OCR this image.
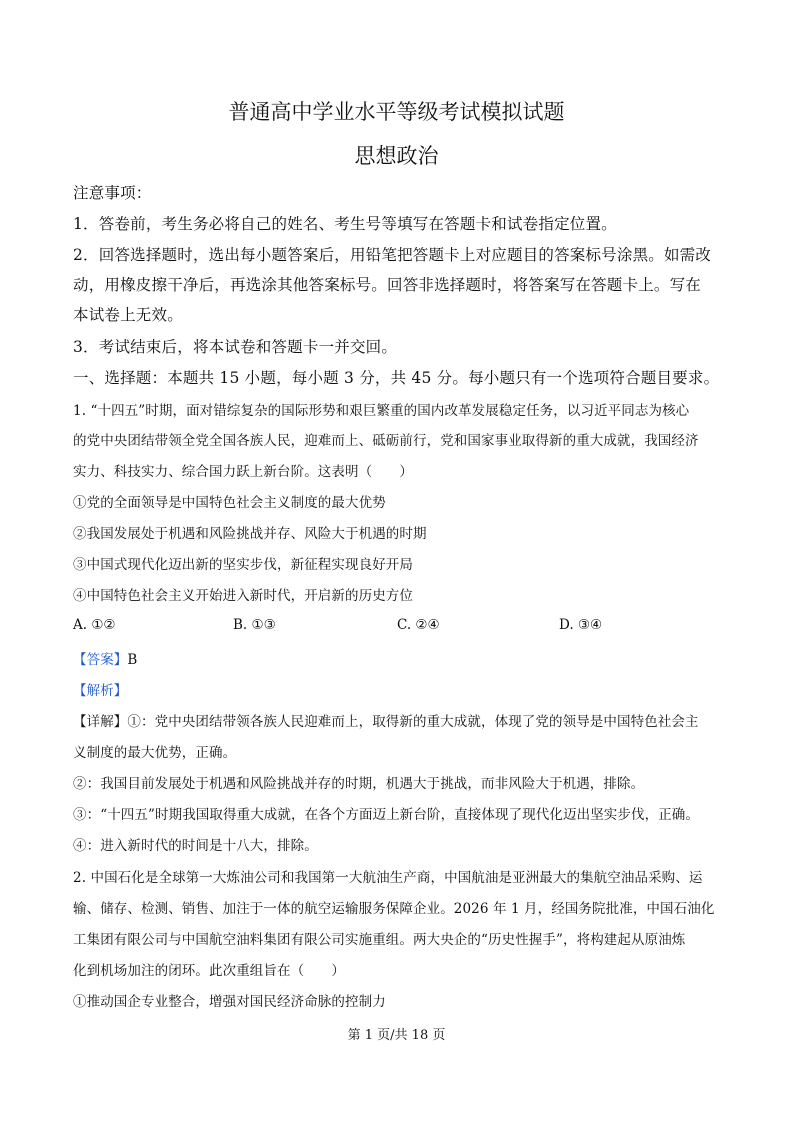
普通高中学业水平等级考试模拟试题
思想政治
注意事项：
1．答卷前，考生务必将自己的姓名、考生号等填写在答题卡和试卷指定位置。
2．回答选择题时，选出每小题答案后，用铅笔把答题卡上对应题目的答案标号涂黑。如需改
动，用橡皮擦干净后，再选涂其他答案标号。回答非选择题时，将答案写在答题卡上。写在
本试卷上无效。
3．考试结束后，将本试卷和答题卡一并交回。
一、选择题：本题共 15 小题，每小题 3 分，共 45 分。每小题只有一个选项符合题目要求。
1. “十四五”时期，面对错综复杂的国际形势和艰巨繁重的国内改革发展稳定任务，以习近平同志为核心
的党中央团结带领全党全国各族人民，迎难而上、砥砺前行，党和国家事业取得新的重大成就，我国经济
实力、科技实力、综合国力跃上新台阶。这表明（　　）
①党的全面领导是中国特色社会主义制度的最大优势
②我国发展处于机遇和风险挑战并存、风险大于机遇的时期
③中国式现代化迈出新的坚实步伐，新征程实现良好开局
④中国特色社会主义开始进入新时代，开启新的历史方位
A. ①②	B. ①③	C. ②④	D. ③④
【答案】B
【解析】
【详解】①：党中央团结带领各族人民迎难而上，取得新的重大成就，体现了党的领导是中国特色社会主
义制度的最大优势，正确。
②：我国目前发展处于机遇和风险挑战并存的时期，机遇大于挑战，而非风险大于机遇，排除。
③：“十四五”时期我国取得重大成就，在各个方面迈上新台阶，直接体现了现代化迈出坚实步伐，正确。
④：进入新时代的时间是十八大，排除。
2. 中国石化是全球第一大炼油公司和我国第一大航油生产商，中国航油是亚洲最大的集航空油品采购、运
输、储存、检测、销售、加注于一体的航空运输服务保障企业。2026 年 1 月，经国务院批准，中国石油化
工集团有限公司与中国航空油料集团有限公司实施重组。两大央企的“历史性握手”，将构建起从原油炼
化到机场加注的闭环。此次重组旨在（　　）
①推动国企专业整合，增强对国民经济命脉的控制力
第 1 页/共 18 页
